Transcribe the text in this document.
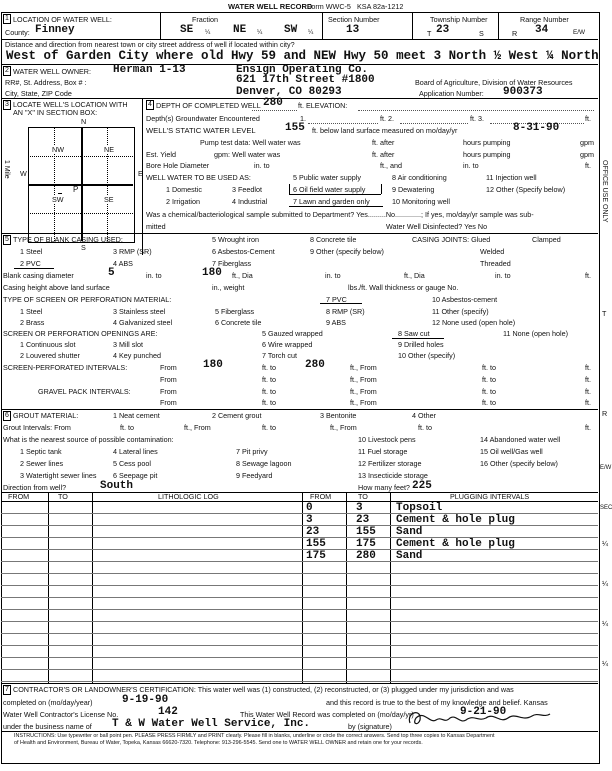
WATER WELL RECORD
Form WWC-5 KSA 82a-1212
1 LOCATION OF WATER WELL:	Fraction	Section Number	Township Number	Range Number
County: Finney	SE ¼ NE ¼ SW ¼	13	T 23	S	R 34	E/W
Distance and direction from nearest town or city street address of well if located within city?
West of Garden City where old Hwy 59 and NEW Hwy 50 meet 3 North ½ West ¼ North
2 WATER WELL OWNER: Herman 1-13	Ensign Operating Co.
RR#, St. Address, Box # :	621 17th Street #1800	Board of Agriculture, Division of Water Resources
City, State, ZIP Code	Denver, CO 80293	Application Number: 900373
3 LOCATE WELL'S LOCATION WITH
AN "X" IN SECTION BOX:
N
S
W	E
1 Mile
NW	NE
SW	SE
P
4 DEPTH OF COMPLETED WELL 280 ft. ELEVATION:
Depth(s) Groundwater Encountered	1.	ft. 2.	ft. 3.	ft.
WELL'S STATIC WATER LEVEL	155 ft. below land surface measured on mo/day/yr	8-31-90
Pump test data: Well water was	ft. after	hours pumping	gpm
Est. Yield	gpm: Well water was	ft. after	hours pumping	gpm
Bore Hole Diameter	in. to	ft., and	in. to	ft.
WELL WATER TO BE USED AS:	5 Public water supply	8 Air conditioning	11 Injection well
1 Domestic	3 Feedlot	6 Oil field water supply	9 Dewatering	12 Other (Specify below)
2 Irrigation	4 Industrial	7 Lawn and garden only	10 Monitoring well
Was a chemical/bacteriological sample submitted to Department? Yes.........No.............; If yes, mo/day/yr sample was sub-
mitted	Water Well Disinfected? Yes No
5 TYPE OF BLANK CASING USED:	5 Wrought iron	8 Concrete tile	CASING JOINTS: Glued	Clamped
1 Steel	3 RMP (SR)	6 Asbestos-Cement	9 Other (specify below)	Welded
2 PVC	4 ABS	7 Fiberglass	Threaded
Blank casing diameter	5	in. to	180 ft., Dia	in. to	ft., Dia	in. to	ft.
Casing height above land surface	in., weight	lbs./ft. Wall thickness or gauge No.
TYPE OF SCREEN OR PERFORATION MATERIAL:	7 PVC	10 Asbestos-cement
1 Steel	3 Stainless steel	5 Fiberglass	8 RMP (SR)	11 Other (specify)
2 Brass	4 Galvanized steel	6 Concrete tile	9 ABS	12 None used (open hole)
SCREEN OR PERFORATION OPENINGS ARE:	5 Gauzed wrapped	8 Saw cut	11 None (open hole)
1 Continuous slot	3 Mill slot	6 Wire wrapped	9 Drilled holes
2 Louvered shutter	4 Key punched	7 Torch cut	10 Other (specify)
SCREEN-PERFORATED INTERVALS:	From 180	ft. to	280	ft., From	ft. to	ft.
From	ft. to	ft., From	ft. to	ft.
GRAVEL PACK INTERVALS:	From	ft. to	ft., From	ft. to	ft.
From	ft. to	ft., From	ft. to	ft.
6 GROUT MATERIAL:	1 Neat cement	2 Cement grout	3 Bentonite	4 Other
Grout Intervals: From	ft. to	ft., From	ft. to	ft., From	ft. to	ft.
What is the nearest source of possible contamination:	10 Livestock pens	14 Abandoned water well
1 Septic tank	4 Lateral lines	7 Pit privy	11 Fuel storage	15 Oil well/Gas well
2 Sewer lines	5 Cess pool	8 Sewage lagoon	12 Fertilizer storage	16 Other (specify below)
3 Watertight sewer lines 6 Seepage pit	9 Feedyard	13 Insecticide storage
Direction from well?	South	How many feet? 225
FROM	TO	LITHOLOGIC LOG	FROM	TO	PLUGGING INTERVALS
0	3	Topsoil
3	23 Cement & hole plug
23	155 Sand
155	175 Cement & hole plug
175	280 Sand
7 CONTRACTOR'S OR LANDOWNER'S CERTIFICATION: This water well was (1) constructed, (2) reconstructed, or (3) plugged under my jurisdiction and was
completed on (mo/day/year)	9-19-90	and this record is true to the best of my knowledge and belief. Kansas
Water Well Contractor's License No.	142	This Water Well Record was completed on (mo/day/yr)	9-21-90
under the business name of T & W Water Well Service, Inc.	by (signature)
INSTRUCTIONS: Use typewriter or ball point pen. PLEASE PRESS FIRMLY and PRINT clearly. Please fill in blanks, underline or circle the correct answers. Send top three copies to Kansas Department
of Health and Environment, Bureau of Water, Topeka, Kansas 66620-7320. Telephone: 913-296-5545. Send one to WATER WELL OWNER and retain one for your records.
OFFICE USE ONLY
T
R
E/W
SEC
¼
¼
¼
¼
